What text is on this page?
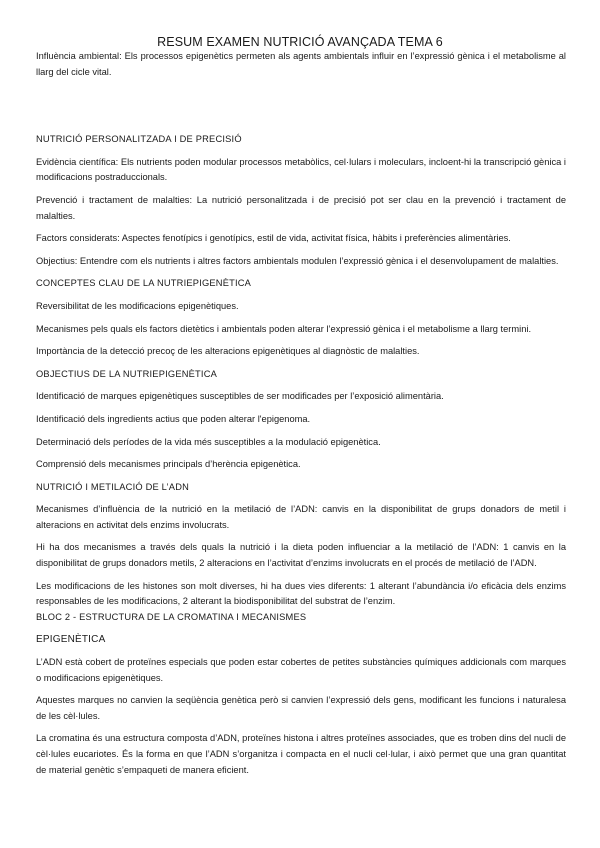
RESUM EXAMEN NUTRICIÓ AVANÇADA TEMA 6

Influència ambiental: Els processos epigenètics permeten als agents ambientals influir en l’expressió gènica i el metabolisme al llarg del cicle vital.

NUTRICIÓ PERSONALITZADA I DE PRECISIÓ

Evidència científica: Els nutrients poden modular processos metabòlics, cel·lulars i moleculars, incloent-hi la transcripció gènica i modificacions postraduccionals.

Prevenció i tractament de malalties: La nutrició personalitzada i de precisió pot ser clau en la prevenció i tractament de malalties.

Factors considerats: Aspectes fenotípics i genotípics, estil de vida, activitat física, hàbits i preferències alimentàries.

Objectius: Entendre com els nutrients i altres factors ambientals modulen l’expressió gènica i el desenvolupament de malalties.

CONCEPTES CLAU DE LA NUTRIEPIGENÈTICA

Reversibilitat de les modificacions epigenètiques.

Mecanismes pels quals els factors dietètics i ambientals poden alterar l’expressió gènica i el metabolisme a llarg termini.

Importància de la detecció precoç de les alteracions epigenètiques al diagnòstic de malalties.

OBJECTIUS DE LA NUTRIEPIGENÈTICA

Identificació de marques epigenètiques susceptibles de ser modificades per l’exposició alimentària.

Identificació dels ingredients actius que poden alterar l'epigenoma.

Determinació dels períodes de la vida més susceptibles a la modulació epigenètica.

Comprensió dels mecanismes principals d’herència epigenètica.

NUTRICIÓ I METILACIÓ DE L’ADN

Mecanismes d’influència de la nutrició en la metilació de l’ADN: canvis en la disponibilitat de grups donadors de metil i alteracions en activitat dels enzims involucrats.

Hi ha dos mecanismes a través dels quals la nutrició i la dieta poden influenciar a la metilació de l’ADN: 1 canvis en la disponibilitat de grups donadors metils, 2 alteracions en l’activitat d’enzims involucrats en el procés de metilació de l’ADN.

Les modificacions de les histones son molt diverses, hi ha dues vies diferents: 1 alterant l’abundància i/o eficàcia dels enzims responsables de les modificacions, 2 alterant la biodisponibilitat del substrat de l’enzim.

BLOC 2 - ESTRUCTURA DE LA CROMATINA I MECANISMES

EPIGENÈTICA

L’ADN està cobert de proteïnes especials que poden estar cobertes de petites substàncies químiques addicionals com marques o modificacions epigenètiques.

Aquestes marques no canvien la seqüència genètica però si canvien l’expressió dels gens, modificant les funcions i naturalesa de les cèl·lules.

La cromatina és una estructura composta d’ADN, proteïnes histona i altres proteïnes associades, que es troben dins del nucli de cèl·lules eucariotes. És la forma en que l’ADN s’organitza i compacta en el nucli cel·lular, i això permet que una gran quantitat de material genètic s’empaqueti de manera eficient.
